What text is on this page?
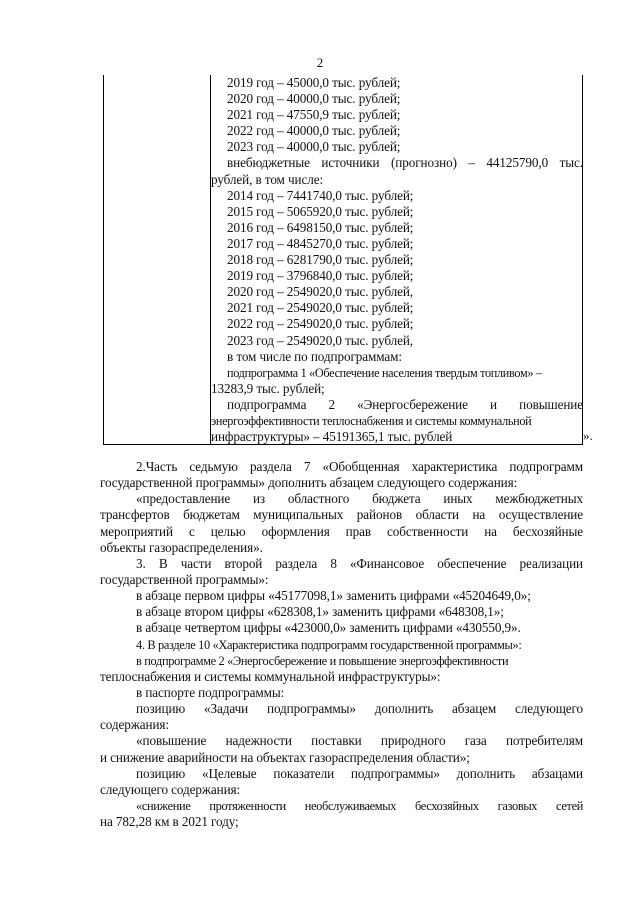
2
2019 год – 45000,0 тыс. рублей;
2020 год – 40000,0 тыс. рублей;
2021 год – 47550,9 тыс. рублей;
2022 год – 40000,0 тыс. рублей;
2023 год – 40000,0 тыс. рублей;
внебюджетные источники (прогнозно) – 44125790,0 тыс.
рублей, в том числе:
2014 год – 7441740,0 тыс. рублей;
2015 год – 5065920,0 тыс. рублей;
2016 год – 6498150,0 тыс. рублей;
2017 год – 4845270,0 тыс. рублей;
2018 год – 6281790,0 тыс. рублей;
2019 год – 3796840,0 тыс. рублей;
2020 год – 2549020,0 тыс. рублей,
2021 год – 2549020,0 тыс. рублей;
2022 год – 2549020,0 тыс. рублей;
2023 год – 2549020,0 тыс. рублей,
в том числе по подпрограммам:
подпрограмма 1 «Обеспечение населения твердым топливом» –
13283,9 тыс. рублей;
подпрограмма 2 «Энергосбережение и повышение
энергоэффективности теплоснабжения и системы коммунальной
инфраструктуры» – 45191365,1 тыс. рублей	».
2.Часть седьмую раздела 7 «Обобщенная характеристика подпрограмм
государственной программы» дополнить абзацем следующего содержания:
«предоставление из областного бюджета иных межбюджетных
трансфертов бюджетам муниципальных районов области на осуществление
мероприятий с целью оформления прав собственности на бесхозяйные
объекты газораспределения».
3. В части второй раздела 8 «Финансовое обеспечение реализации
государственной программы»:
в абзаце первом цифры «45177098,1» заменить цифрами «45204649,0»;
в абзаце втором цифры «628308,1» заменить цифрами «648308,1»;
в абзаце четвертом цифры «423000,0» заменить цифрами «430550,9».
4. В разделе 10 «Характеристика подпрограмм государственной программы»:
в подпрограмме 2 «Энергосбережение и повышение энергоэффективности
теплоснабжения и системы коммунальной инфраструктуры»:
в паспорте подпрограммы:
позицию «Задачи подпрограммы» дополнить абзацем следующего
содержания:
«повышение надежности поставки природного газа потребителям
и снижение аварийности на объектах газораспределения области»;
позицию «Целевые показатели подпрограммы» дополнить абзацами
следующего содержания:
«снижение протяженности необслуживаемых бесхозяйных газовых сетей
на 782,28 км в 2021 году;
